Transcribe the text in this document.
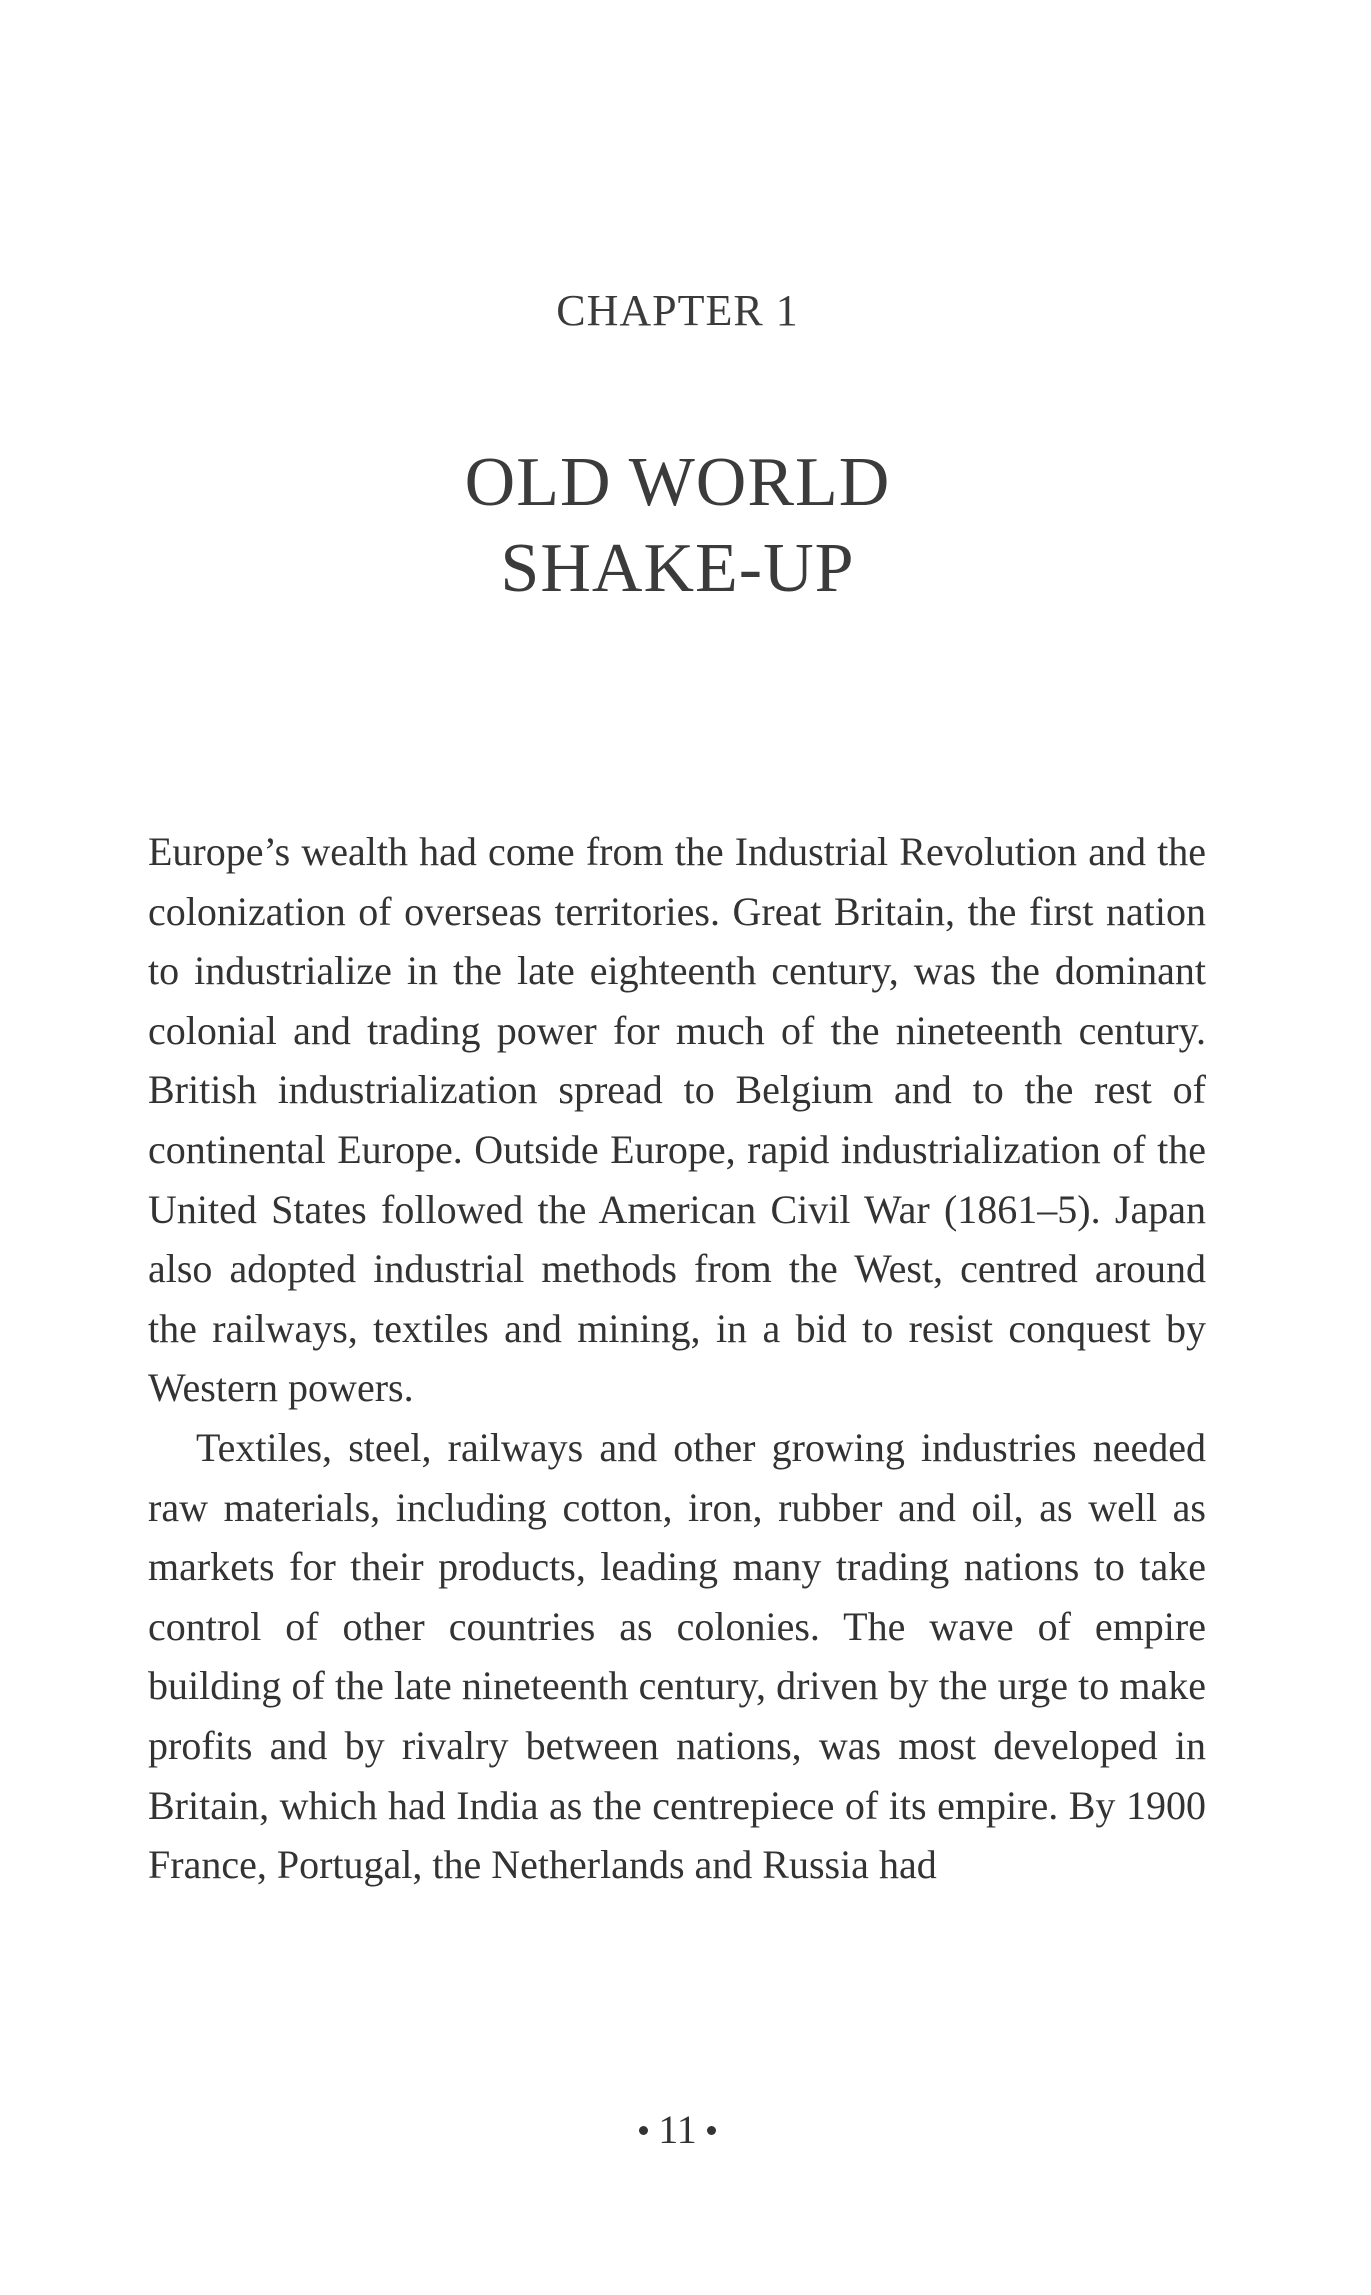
CHAPTER 1
OLD WORLD
SHAKE-UP

Europe’s wealth had come from the Industrial Revolution and the colonization of overseas territories. Great Britain, the first nation to industrialize in the late eighteenth century, was the dominant colonial and trading power for much of the nineteenth century. British industrialization spread to Belgium and to the rest of continental Europe. Outside Europe, rapid industrialization of the United States followed the American Civil War (1861–5). Japan also adopted industrial methods from the West, centred around the railways, textiles and mining, in a bid to resist conquest by Western powers.

Textiles, steel, railways and other growing industries needed raw materials, including cotton, iron, rubber and oil, as well as markets for their products, leading many trading nations to take control of other countries as colonies. The wave of empire building of the late nineteenth century, driven by the urge to make profits and by rivalry between nations, was most developed in Britain, which had India as the centrepiece of its empire. By 1900 France, Portugal, the Netherlands and Russia had

11
